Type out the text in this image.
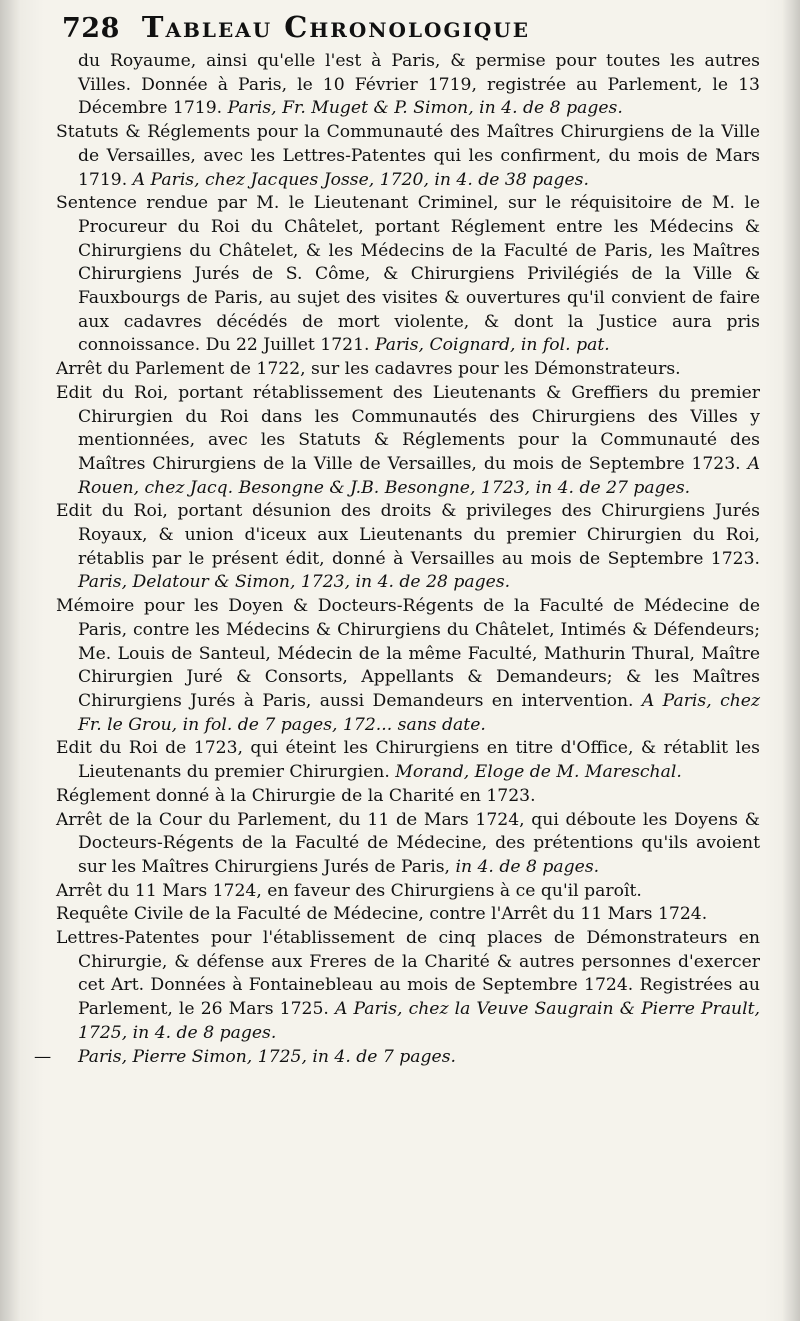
728 Tableau Chronologique

du Royaume, ainsi qu'elle l'est à Paris, & permise pour toutes les autres Villes. Donnée à Paris, le 10 Février 1719, registrée au Parlement, le 13 Décembre 1719. Paris, Fr. Muget & P. Simon, in 4. de 8 pages.

Statuts & Réglements pour la Communauté des Maîtres Chirurgiens de la Ville de Versailles, avec les Lettres-Patentes qui les confirment, du mois de Mars 1719. A Paris, chez Jacques Josse, 1720, in 4. de 38 pages.

Sentence rendue par M. le Lieutenant Criminel, sur le réquisitoire de M. le Procureur du Roi du Châtelet, portant Réglement entre les Médecins & Chirurgiens du Châtelet, & les Médecins de la Faculté de Paris, les Maîtres Chirurgiens Jurés de S. Côme, & Chirurgiens Privilégiés de la Ville & Fauxbourgs de Paris, au sujet des visites & ouvertures qu'il convient de faire aux cadavres décédés de mort violente, & dont la Justice aura pris connoissance. Du 22 Juillet 1721. Paris, Coignard, in fol. pat.

Arrêt du Parlement de 1722, sur les cadavres pour les Démonstrateurs.

Edit du Roi, portant rétablissement des Lieutenants & Greffiers du premier Chirurgien du Roi dans les Communautés des Chirurgiens des Villes y mentionnées, avec les Statuts & Réglements pour la Communauté des Maîtres Chirurgiens de la Ville de Versailles, du mois de Septembre 1723. A Rouen, chez Jacq. Besongne & J.B. Besongne, 1723, in 4. de 27 pages.

Edit du Roi, portant désunion des droits & privileges des Chirurgiens Jurés Royaux, & union d'iceux aux Lieutenants du premier Chirurgien du Roi, rétablis par le présent édit, donné à Versailles au mois de Septembre 1723. Paris, Delatour & Simon, 1723, in 4. de 28 pages.

Mémoire pour les Doyen & Docteurs-Régents de la Faculté de Médecine de Paris, contre les Médecins & Chirurgiens du Châtelet, Intimés & Défendeurs; Me. Louis de Santeul, Médecin de la même Faculté, Mathurin Thural, Maître Chirurgien Juré & Consorts, Appellants & Demandeurs; & les Maîtres Chirurgiens Jurés à Paris, aussi Demandeurs en intervention. A Paris, chez Fr. le Grou, in fol. de 7 pages, 172... sans date.

Edit du Roi de 1723, qui éteint les Chirurgiens en titre d'Office, & rétablit les Lieutenants du premier Chirurgien. Morand, Eloge de M. Mareschal.

Réglement donné à la Chirurgie de la Charité en 1723.

Arrêt de la Cour du Parlement, du 11 de Mars 1724, qui déboute les Doyens & Docteurs-Régents de la Faculté de Médecine, des prétentions qu'ils avoient sur les Maîtres Chirurgiens Jurés de Paris, in 4. de 8 pages.

Arrêt du 11 Mars 1724, en faveur des Chirurgiens à ce qu'il paroît.

Requête Civile de la Faculté de Médecine, contre l'Arrêt du 11 Mars 1724.

Lettres-Patentes pour l'établissement de cinq places de Démonstrateurs en Chirurgie, & défense aux Freres de la Charité & autres personnes d'exercer cet Art. Données à Fontainebleau au mois de Septembre 1724. Registrées au Parlement, le 26 Mars 1725. A Paris, chez la Veuve Saugrain & Pierre Prault, 1725, in 4. de 8 pages.

— Paris, Pierre Simon, 1725, in 4. de 7 pages.
